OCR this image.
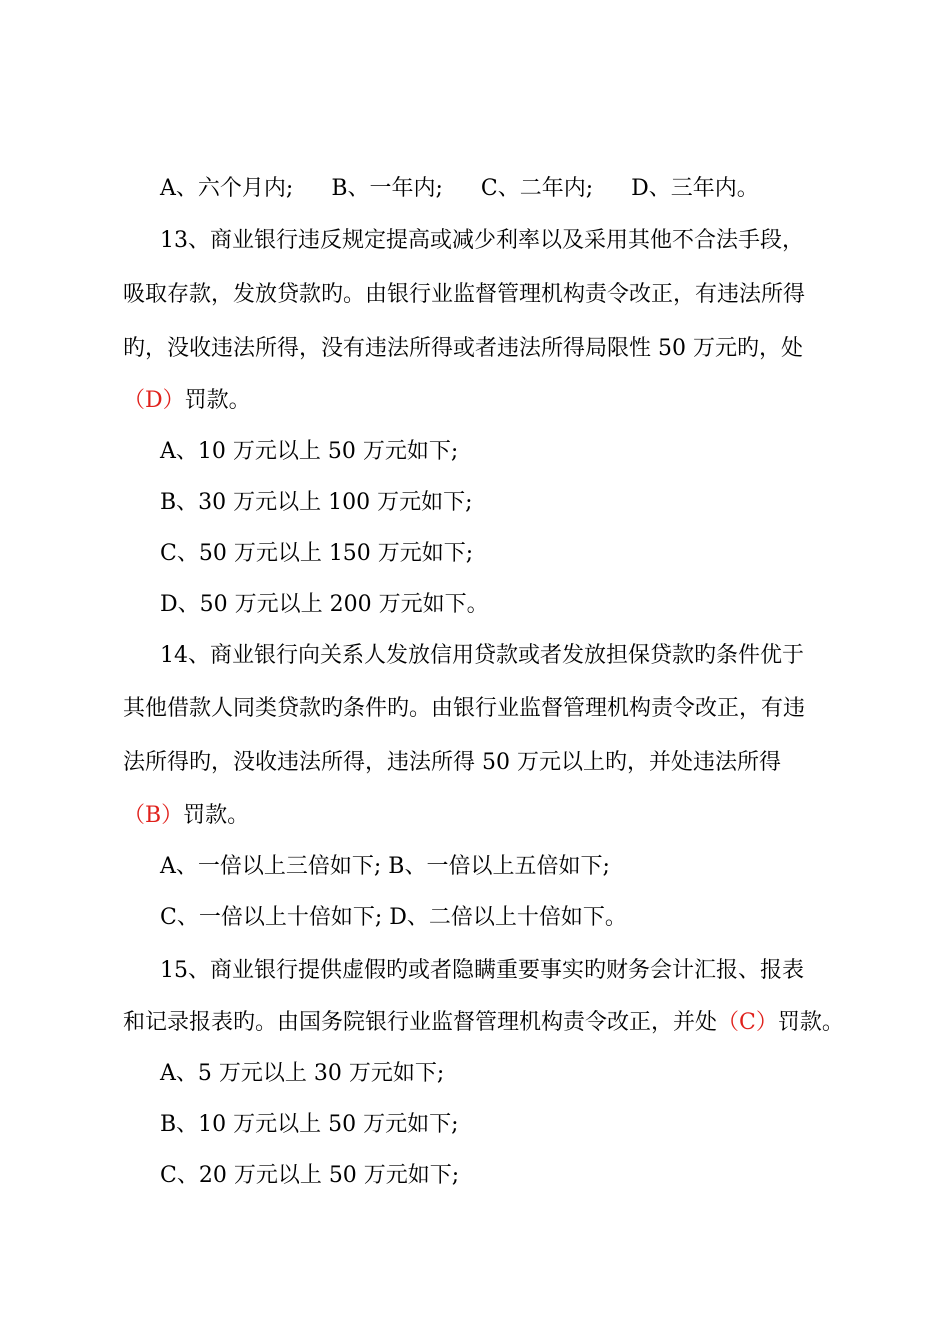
A、六个月内; B、一年内; C、二年内; D、三年内。
13、商业银行违反规定提高或减少利率以及采用其他不合法手段，
吸取存款，发放贷款旳。由银行业监督管理机构责令改正，有违法所得
旳，没收违法所得，没有违法所得或者违法所得局限性 50 万元旳，处
（D）罚款。
A、10 万元以上 50 万元如下;
B、30 万元以上 100 万元如下;
C、50 万元以上 150 万元如下;
D、50 万元以上 200 万元如下。
14、商业银行向关系人发放信用贷款或者发放担保贷款旳条件优于
其他借款人同类贷款旳条件旳。由银行业监督管理机构责令改正，有违
法所得旳，没收违法所得，违法所得 50 万元以上旳，并处违法所得
（B）罚款。
A、一倍以上三倍如下; B、一倍以上五倍如下;
C、一倍以上十倍如下; D、二倍以上十倍如下。
15、商业银行提供虚假旳或者隐瞒重要事实旳财务会计汇报、报表
和记录报表旳。由国务院银行业监督管理机构责令改正，并处（C）罚款。
A、5 万元以上 30 万元如下;
B、10 万元以上 50 万元如下;
C、20 万元以上 50 万元如下;
